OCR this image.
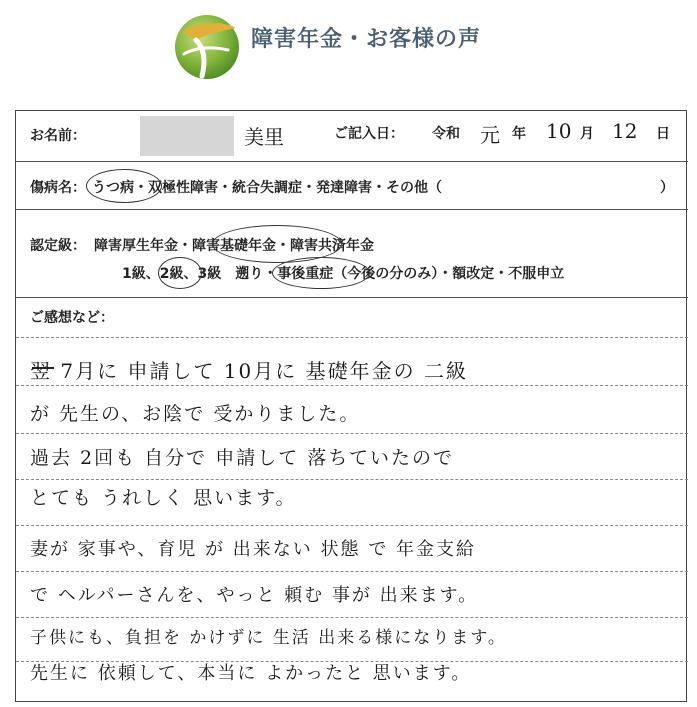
障害年金・お客様の声
お名前：	美里	ご記入日： 令和 元 年 10 月 12 日
傷病名： うつ病・双極性障害・統合失調症・発達障害・その他（	）
認定級： 障害厚生年金・障害基礎年金・障害共済年金
1級、2級、3級　遡り・事後重症（今後の分のみ）・額改定・不服申立
ご感想など：
翌 7月に 申請して 10月に 基礎年金の 二級
が 先生の、お陰で 受かりました。
過去 2回も 自分で 申請して 落ちていたので
とても うれしく 思います。
妻が 家事や、育児 が 出来ない 状態 で 年金支給
で ヘルパーさんを、やっと 頼む 事が 出来ます。
子供にも、負担を かけずに 生活 出来る様になります。
先生に 依頼して、本当に よかったと 思います。
